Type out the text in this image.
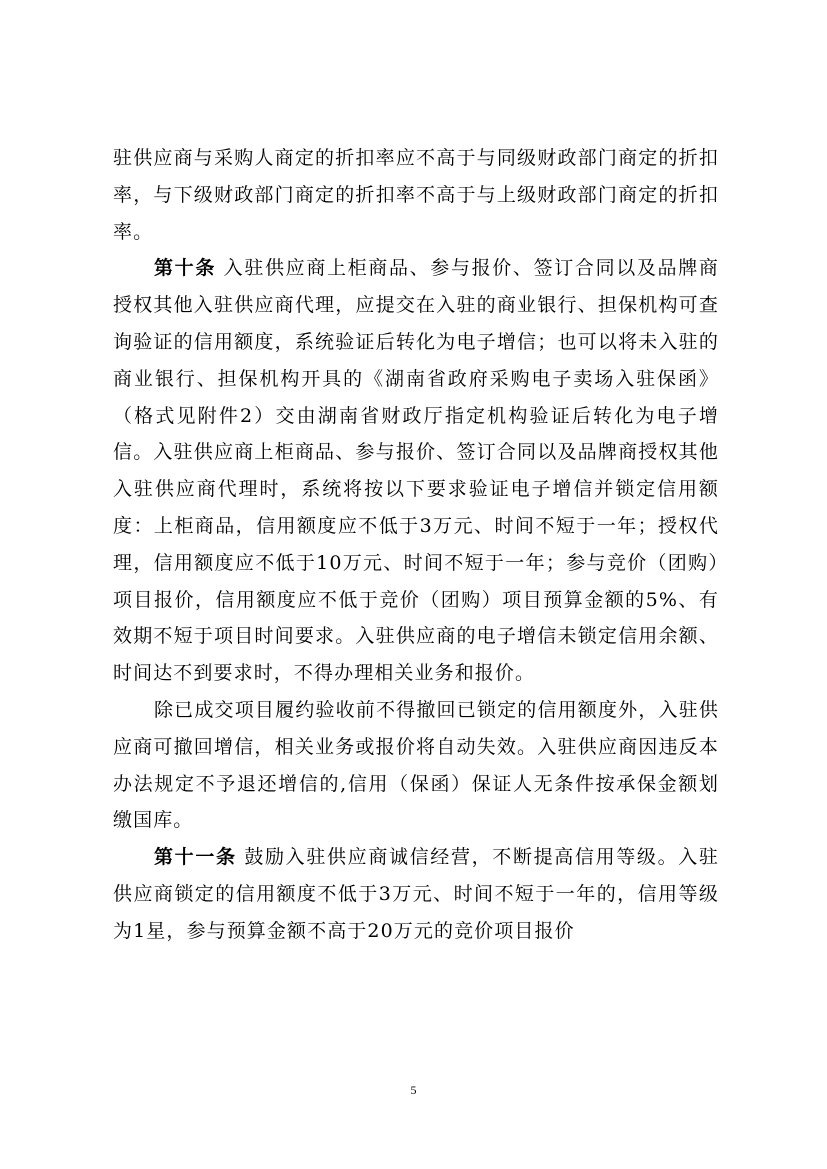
驻供应商与采购人商定的折扣率应不高于与同级财政部门商定的折扣率，与下级财政部门商定的折扣率不高于与上级财政部门商定的折扣率。

第十条 入驻供应商上柜商品、参与报价、签订合同以及品牌商授权其他入驻供应商代理，应提交在入驻的商业银行、担保机构可查询验证的信用额度，系统验证后转化为电子增信；也可以将未入驻的商业银行、担保机构开具的《湖南省政府采购电子卖场入驻保函》（格式见附件2）交由湖南省财政厅指定机构验证后转化为电子增信。入驻供应商上柜商品、参与报价、签订合同以及品牌商授权其他入驻供应商代理时，系统将按以下要求验证电子增信并锁定信用额度：上柜商品，信用额度应不低于3万元、时间不短于一年；授权代理，信用额度应不低于10万元、时间不短于一年；参与竞价（团购）项目报价，信用额度应不低于竞价（团购）项目预算金额的5%、有效期不短于项目时间要求。入驻供应商的电子增信未锁定信用余额、时间达不到要求时，不得办理相关业务和报价。

除已成交项目履约验收前不得撤回已锁定的信用额度外，入驻供应商可撤回增信，相关业务或报价将自动失效。入驻供应商因违反本办法规定不予退还增信的,信用（保函）保证人无条件按承保金额划缴国库。

第十一条 鼓励入驻供应商诚信经营，不断提高信用等级。入驻供应商锁定的信用额度不低于3万元、时间不短于一年的，信用等级为1星，参与预算金额不高于20万元的竞价项目报价

5
